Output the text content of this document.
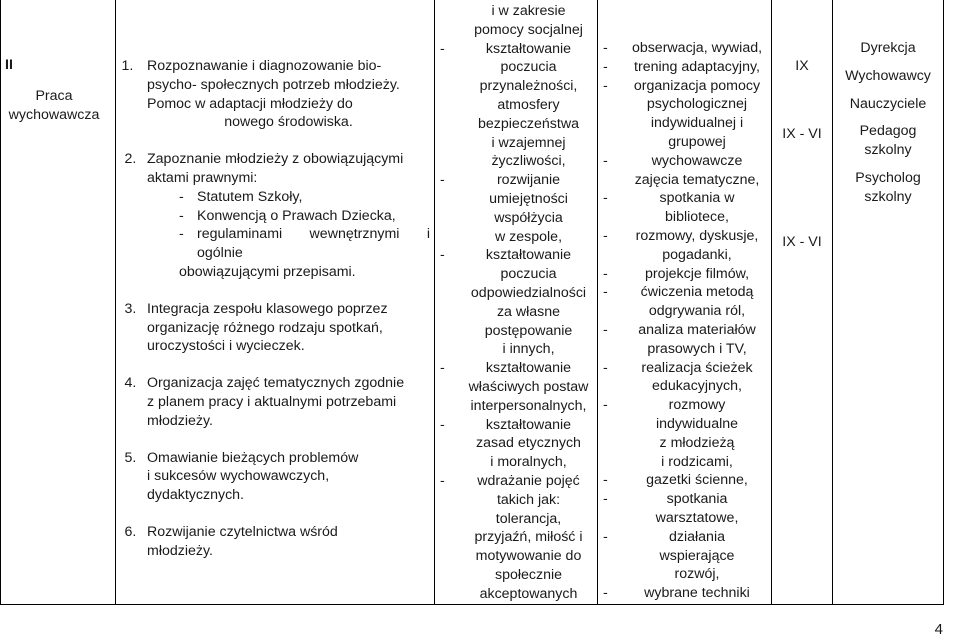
II
Praca
wychowawcza

1. Rozpoznawanie i diagnozowanie bio-
psycho- społecznych potrzeb młodzieży.
Pomoc w adaptacji młodzieży do
nowego środowiska.
2. Zapoznanie młodzieży z obowiązującymi
aktami prawnymi:
- Statutem Szkoły,
- Konwencją o Prawach Dziecka,
- regulaminami wewnętrznymi i ogólnie
obowiązującymi przepisami.
3. Integracja zespołu klasowego poprzez
organizację różnego rodzaju spotkań,
uroczystości i wycieczek.
4. Organizacja zajęć tematycznych zgodnie
z planem pracy i aktualnymi potrzebami
młodzieży.
5. Omawianie bieżących problemów
i sukcesów wychowawczych,
dydaktycznych.
6. Rozwijanie czytelnictwa wśród
młodzieży.

i w zakresie
pomocy socjalnej
-	kształtowanie
poczucia
przynależności,
atmosfery
bezpieczeństwa
i wzajemnej
życzliwości,
-	rozwijanie
umiejętności
współżycia
w zespole,
-	kształtowanie
poczucia
odpowiedzialności
za własne
postępowanie
i innych,
-	kształtowanie
właściwych postaw
interpersonalnych,
-	kształtowanie
zasad etycznych
i moralnych,
-	wdrażanie pojęć
takich jak:
tolerancja,
przyjaźń, miłość i
motywowanie do
społecznie
akceptowanych

-	obserwacja, wywiad,
-	trening adaptacyjny,
-	organizacja pomocy
psychologicznej
indywidualnej i
grupowej
-	wychowawcze
zajęcia tematyczne,
-	spotkania w
bibliotece,
-	rozmowy, dyskusje,
pogadanki,
-	projekcje filmów,
-	ćwiczenia metodą
odgrywania ról,
-	analiza materiałów
prasowych i TV,
-	realizacja ścieżek
edukacyjnych,
-	rozmowy
indywidualne
z młodzieżą
i rodzicami,
-	gazetki ścienne,
-	spotkania
warsztatowe,
-	działania
wspierające
rozwój,
-	wybrane techniki

IX
IX - VI
IX - VI

Dyrekcja
Wychowawcy
Nauczyciele
Pedagog szkolny
Psycholog szkolny
4
